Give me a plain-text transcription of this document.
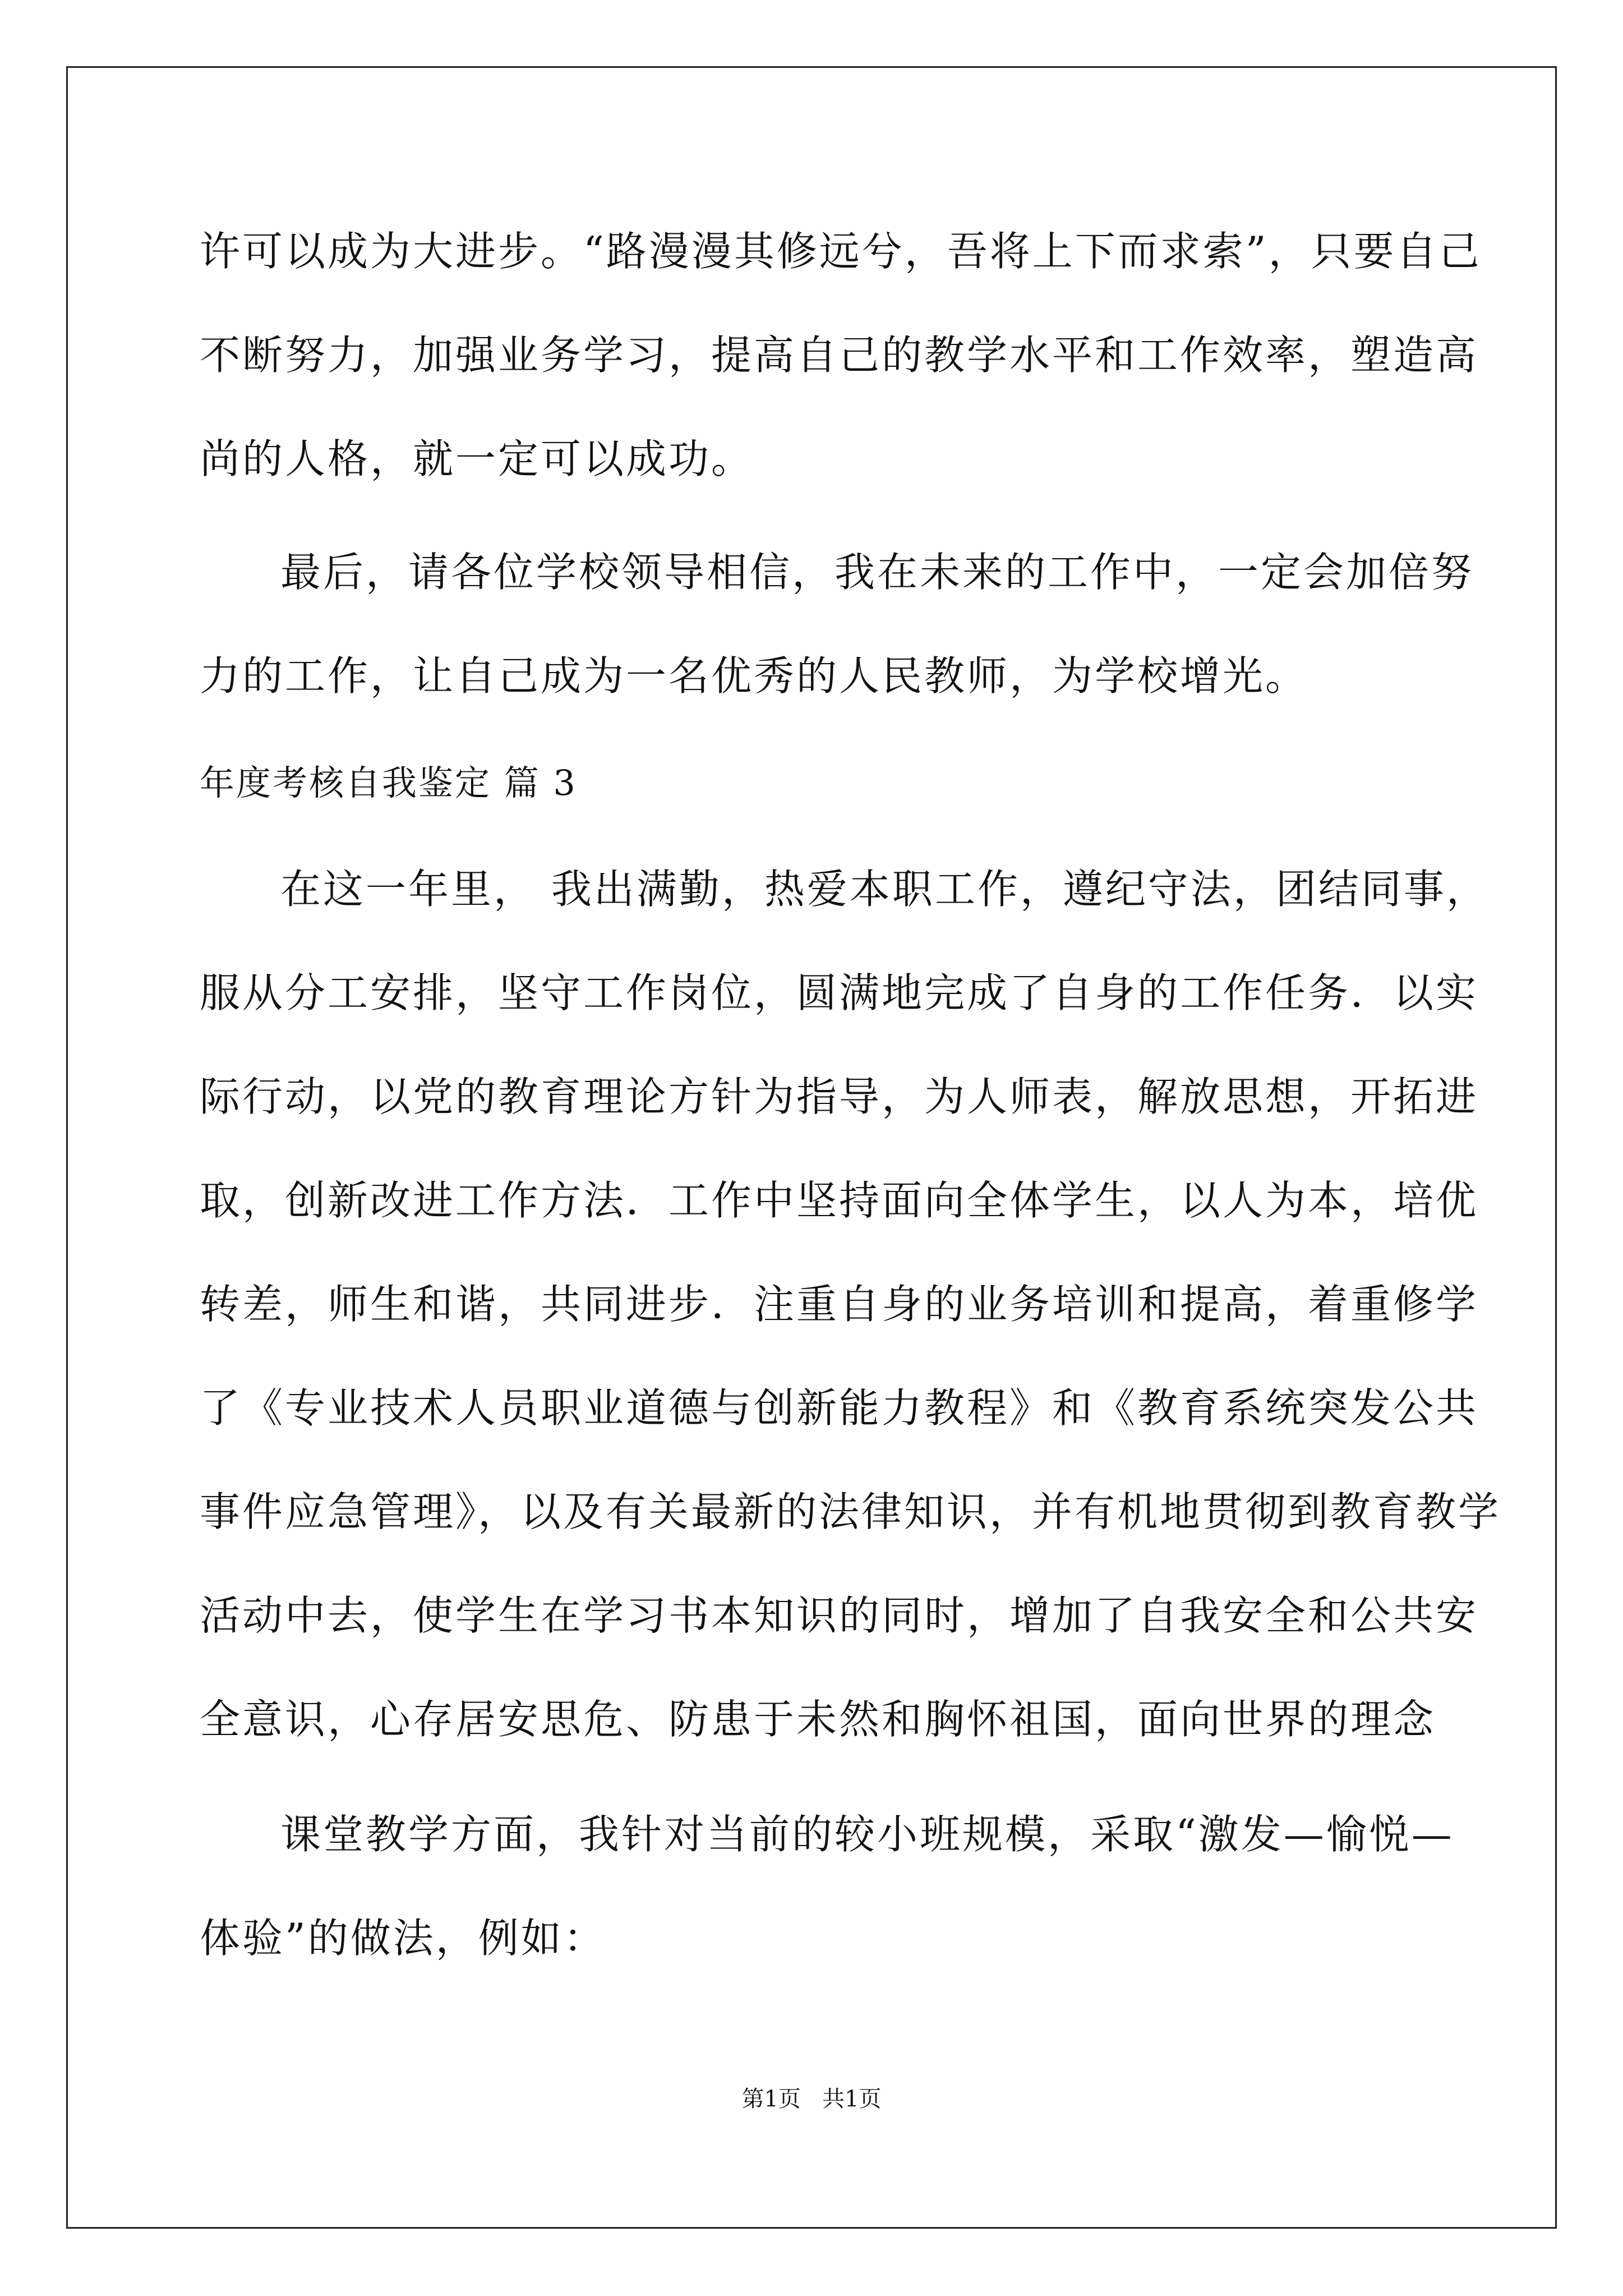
许可以成为大进步。“路漫漫其修远兮，吾将上下而求索”，只要自己

不断努力，加强业务学习，提高自己的教学水平和工作效率，塑造高

尚的人格，就一定可以成功。

最后，请各位学校领导相信，我在未来的工作中，一定会加倍努

力的工作，让自己成为一名优秀的人民教师，为学校增光。

年度考核自我鉴定 篇 3

在这一年里， 我出满勤，热爱本职工作，遵纪守法，团结同事，

服从分工安排，坚守工作岗位，圆满地完成了自身的工作任务．以实

际行动，以党的教育理论方针为指导，为人师表，解放思想，开拓进

取，创新改进工作方法．工作中坚持面向全体学生，以人为本，培优

转差，师生和谐，共同进步．注重自身的业务培训和提高，着重修学

了《专业技术人员职业道德与创新能力教程》和《教育系统突发公共

事件应急管理》，以及有关最新的法律知识，并有机地贯彻到教育教学

活动中去，使学生在学习书本知识的同时，增加了自我安全和公共安

全意识，心存居安思危、防患于未然和胸怀祖国，面向世界的理念

课堂教学方面，我针对当前的较小班规模，采取“激发—愉悦—

体验”的做法，例如：

第1页   共1页
